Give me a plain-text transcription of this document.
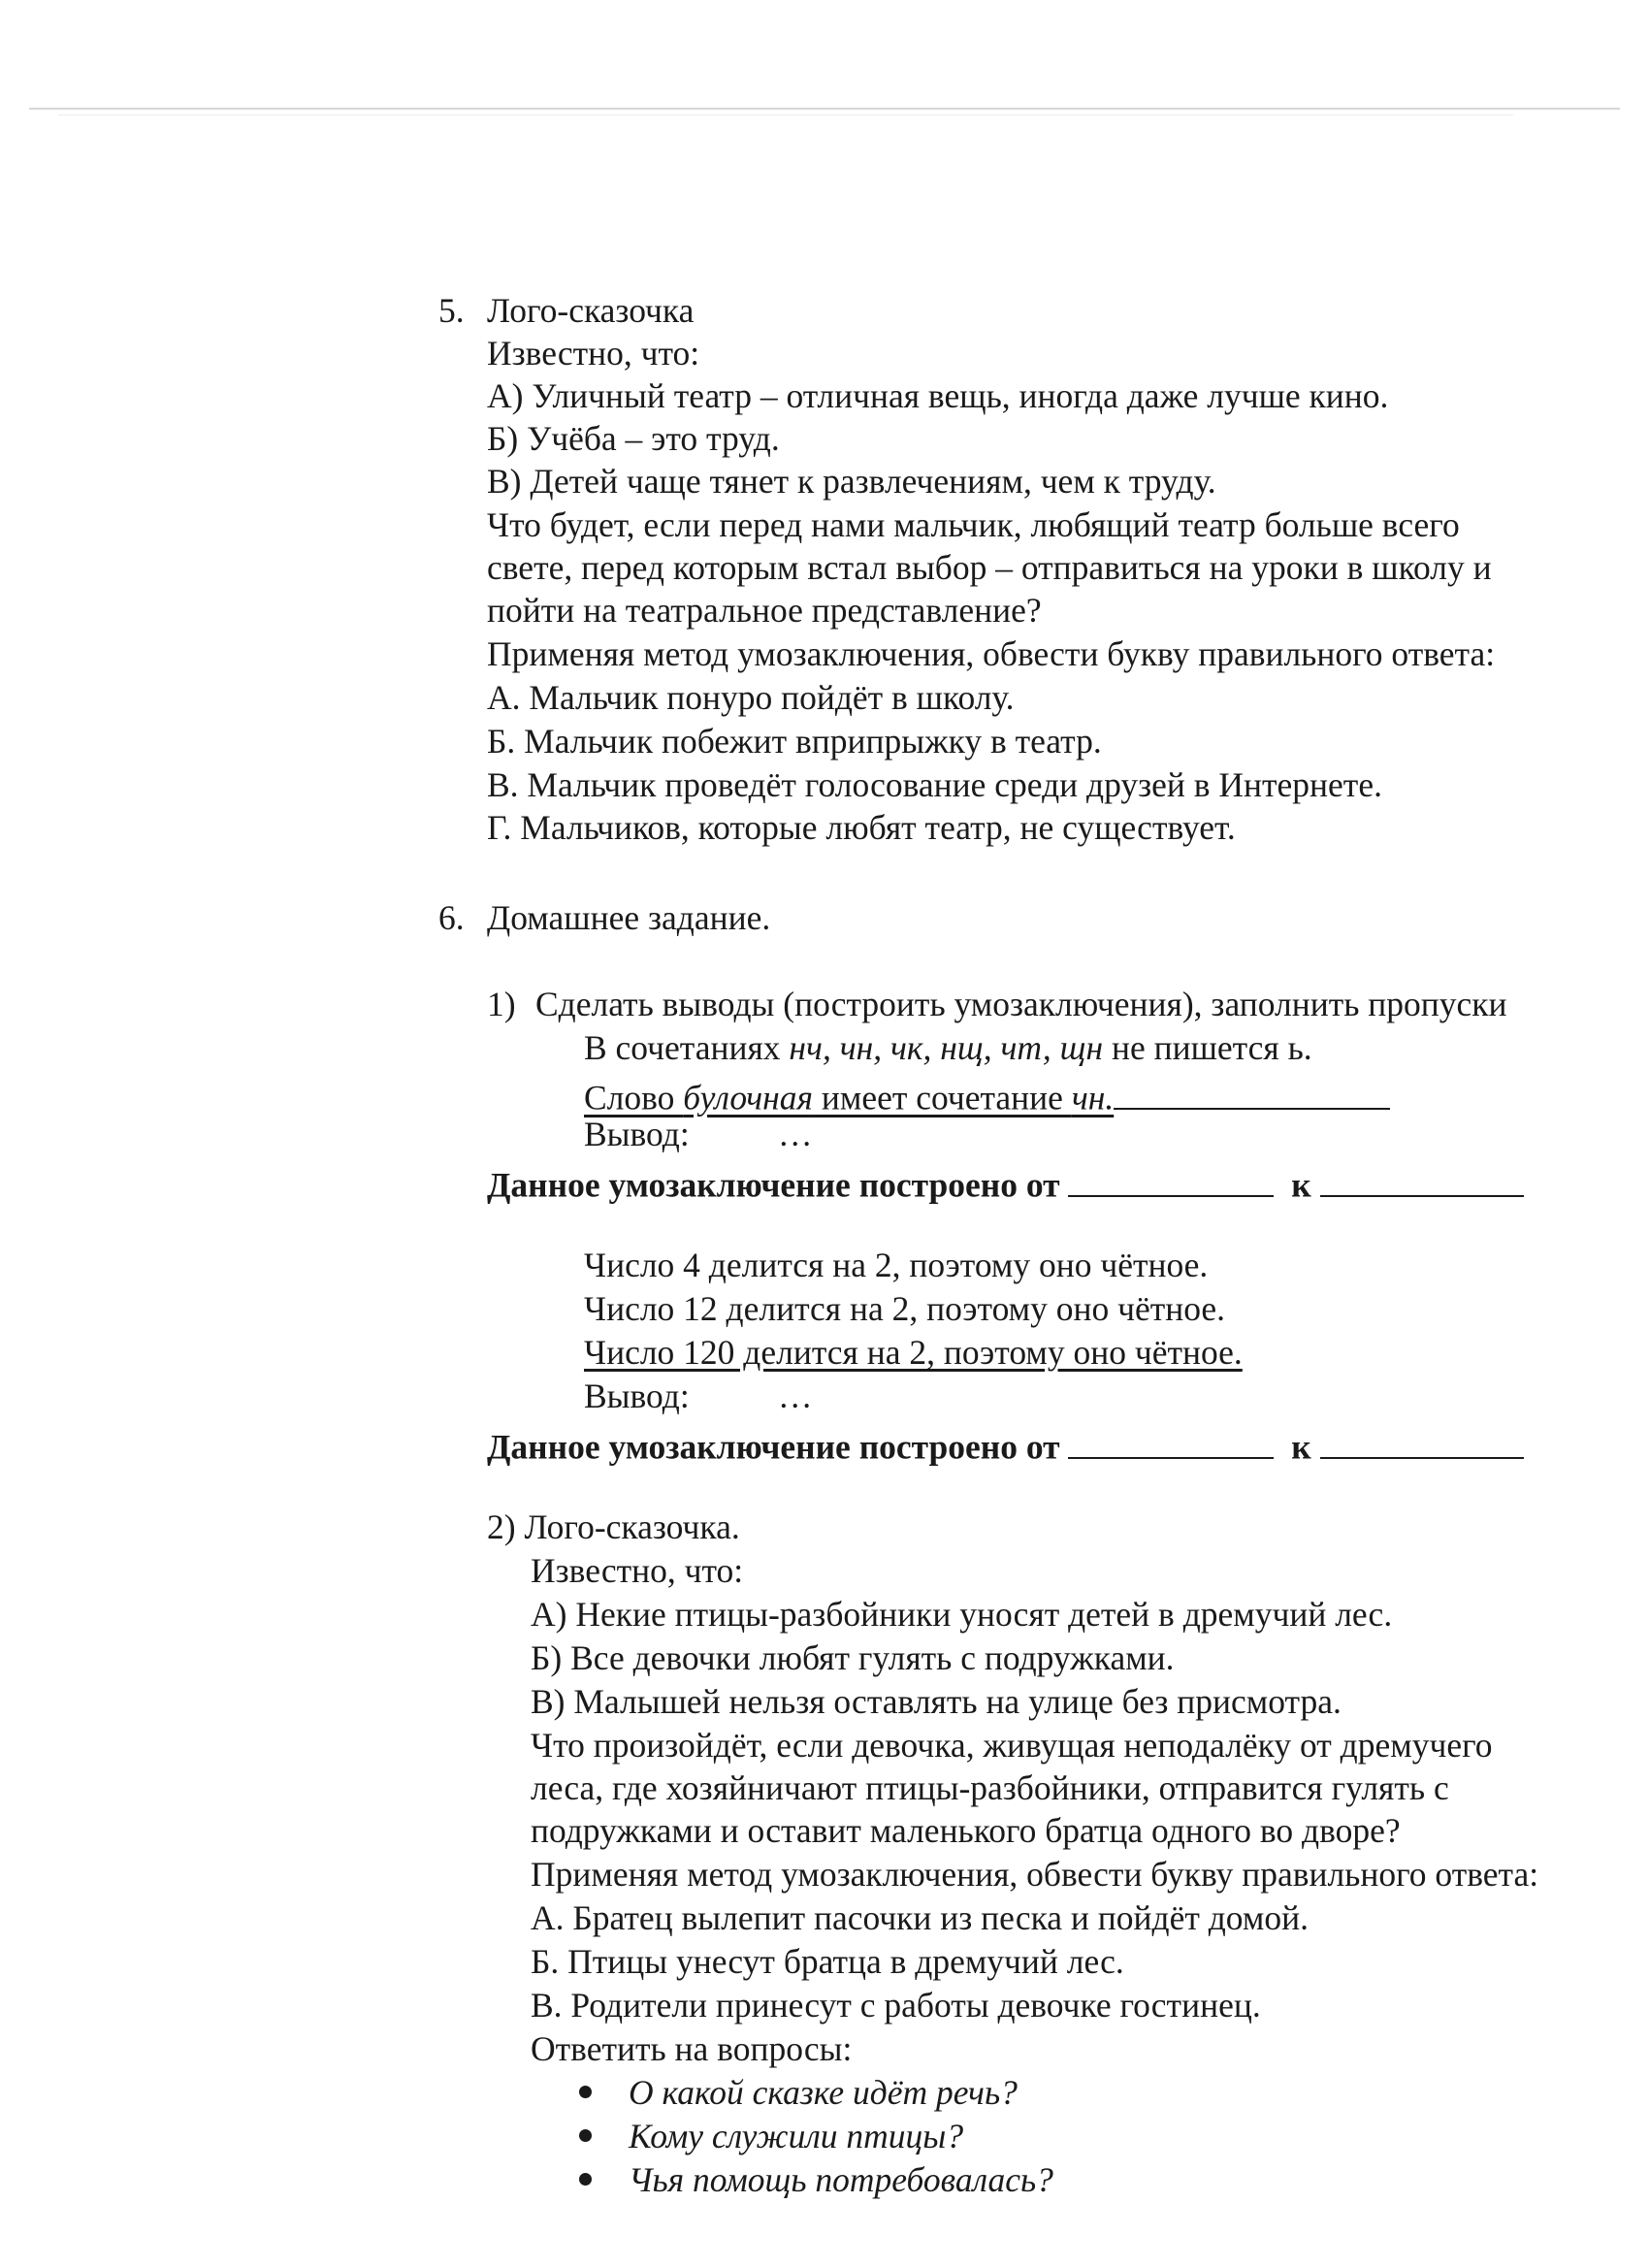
5. Лого-сказочка
Известно, что:
А) Уличный театр – отличная вещь, иногда даже лучше кино.
Б) Учёба – это труд.
В) Детей чаще тянет к развлечениям, чем к труду.
Что будет, если перед нами мальчик, любящий театр больше всего
свете, перед которым встал выбор – отправиться на уроки в школу и
пойти на театральное представление?
Применяя метод умозаключения, обвести букву правильного ответа:
А. Мальчик понуро пойдёт в школу.
Б. Мальчик побежит вприпрыжку в театр.
В. Мальчик проведёт голосование среди друзей в Интернете.
Г. Мальчиков, которые любят театр, не существует.
6. Домашнее задание.
1) Сделать выводы (построить умозаключения), заполнить пропуски
В сочетаниях нч, чн, чк, нщ, чт, щн не пишется ь.
Слово булочная имеет сочетание чн.
Вывод:	…
Данное умозаключение построено от	к
Число 4 делится на 2, поэтому оно чётное.
Число 12 делится на 2, поэтому оно чётное.
Число 120 делится на 2, поэтому оно чётное.
Вывод:	…
Данное умозаключение построено от	к
2) Лого-сказочка.
Известно, что:
А) Некие птицы-разбойники уносят детей в дремучий лес.
Б) Все девочки любят гулять с подружками.
В) Малышей нельзя оставлять на улице без присмотра.
Что произойдёт, если девочка, живущая неподалёку от дремучего
леса, где хозяйничают птицы-разбойники, отправится гулять с
подружками и оставит маленького братца одного во дворе?
Применяя метод умозаключения, обвести букву правильного ответа:
А. Братец вылепит пасочки из песка и пойдёт домой.
Б. Птицы унесут братца в дремучий лес.
В. Родители принесут с работы девочке гостинец.
Ответить на вопросы:
О какой сказке идёт речь?
Кому служили птицы?
Чья помощь потребовалась?
